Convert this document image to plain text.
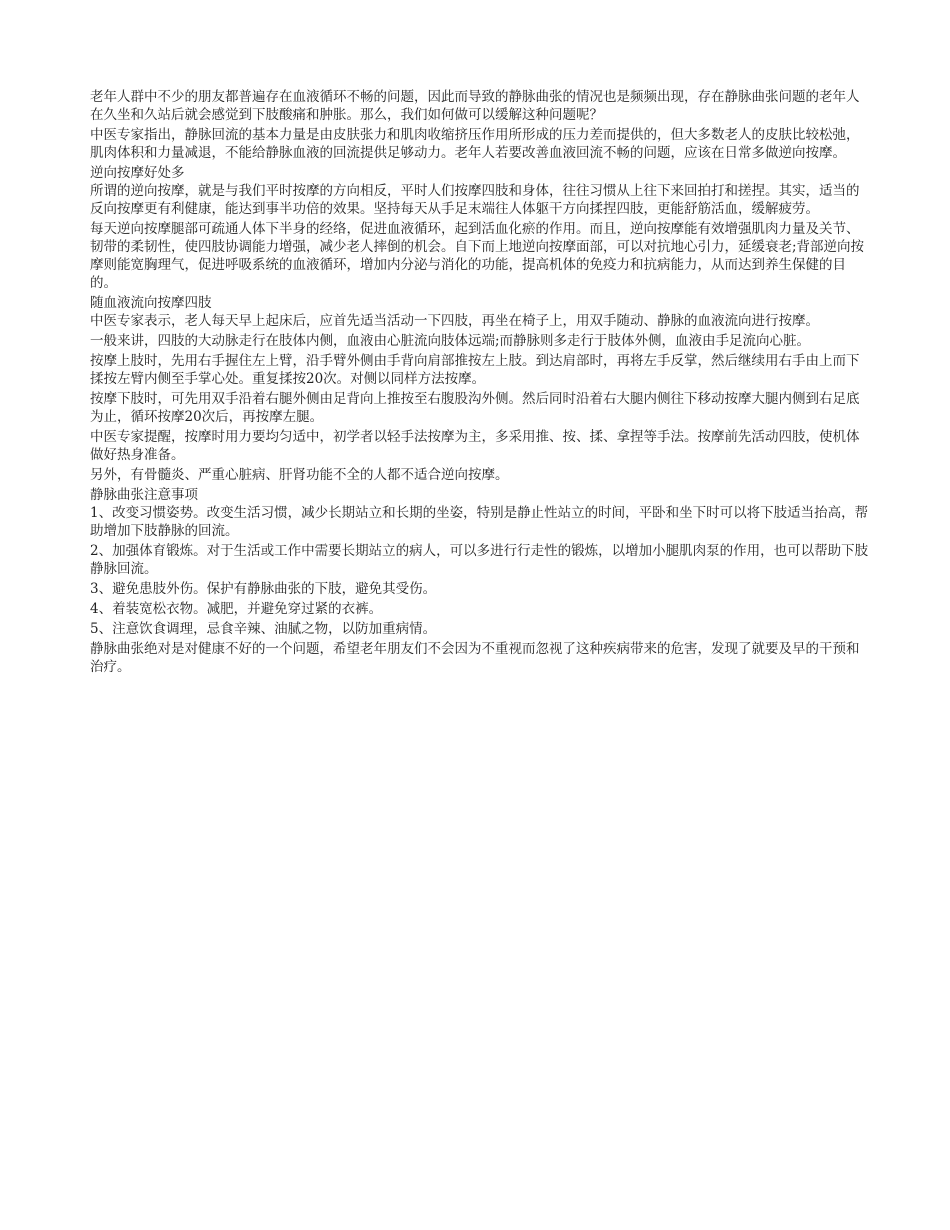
老年人群中不少的朋友都普遍存在血液循环不畅的问题，因此而导致的静脉曲张的情况也是频频出现，存在静脉曲张问题的老年人在久坐和久站后就会感觉到下肢酸痛和肿胀。那么，我们如何做可以缓解这种问题呢？

中医专家指出，静脉回流的基本力量是由皮肤张力和肌肉收缩挤压作用所形成的压力差而提供的，但大多数老人的皮肤比较松弛，肌肉体积和力量减退，不能给静脉血液的回流提供足够动力。老年人若要改善血液回流不畅的问题，应该在日常多做逆向按摩。

逆向按摩好处多

所谓的逆向按摩，就是与我们平时按摩的方向相反，平时人们按摩四肢和身体，往往习惯从上往下来回拍打和搓捏。其实，适当的反向按摩更有利健康，能达到事半功倍的效果。坚持每天从手足末端往人体躯干方向揉捏四肢，更能舒筋活血，缓解疲劳。

每天逆向按摩腿部可疏通人体下半身的经络，促进血液循环，起到活血化瘀的作用。而且，逆向按摩能有效增强肌肉力量及关节、韧带的柔韧性，使四肢协调能力增强，减少老人摔倒的机会。自下而上地逆向按摩面部，可以对抗地心引力，延缓衰老;背部逆向按摩则能宽胸理气，促进呼吸系统的血液循环，增加内分泌与消化的功能，提高机体的免疫力和抗病能力，从而达到养生保健的目的。

随血液流向按摩四肢

中医专家表示，老人每天早上起床后，应首先适当活动一下四肢，再坐在椅子上，用双手随动、静脉的血液流向进行按摩。

一般来讲，四肢的大动脉走行在肢体内侧，血液由心脏流向肢体远端;而静脉则多走行于肢体外侧，血液由手足流向心脏。

按摩上肢时，先用右手握住左上臂，沿手臂外侧由手背向肩部推按左上肢。到达肩部时，再将左手反掌，然后继续用右手由上而下揉按左臂内侧至手掌心处。重复揉按20次。对侧以同样方法按摩。

按摩下肢时，可先用双手沿着右腿外侧由足背向上推按至右腹股沟外侧。然后同时沿着右大腿内侧往下移动按摩大腿内侧到右足底为止，循环按摩20次后，再按摩左腿。

中医专家提醒，按摩时用力要均匀适中，初学者以轻手法按摩为主，多采用推、按、揉、拿捏等手法。按摩前先活动四肢，使机体做好热身准备。

另外，有骨髓炎、严重心脏病、肝肾功能不全的人都不适合逆向按摩。

静脉曲张注意事项

1、改变习惯姿势。改变生活习惯，减少长期站立和长期的坐姿，特别是静止性站立的时间，平卧和坐下时可以将下肢适当抬高，帮助增加下肢静脉的回流。

2、加强体育锻炼。对于生活或工作中需要长期站立的病人，可以多进行行走性的锻炼，以增加小腿肌肉泵的作用，也可以帮助下肢静脉回流。

3、避免患肢外伤。保护有静脉曲张的下肢，避免其受伤。

4、着装宽松衣物。减肥，并避免穿过紧的衣裤。

5、注意饮食调理，忌食辛辣、油腻之物，以防加重病情。

静脉曲张绝对是对健康不好的一个问题，希望老年朋友们不会因为不重视而忽视了这种疾病带来的危害，发现了就要及早的干预和治疗。
